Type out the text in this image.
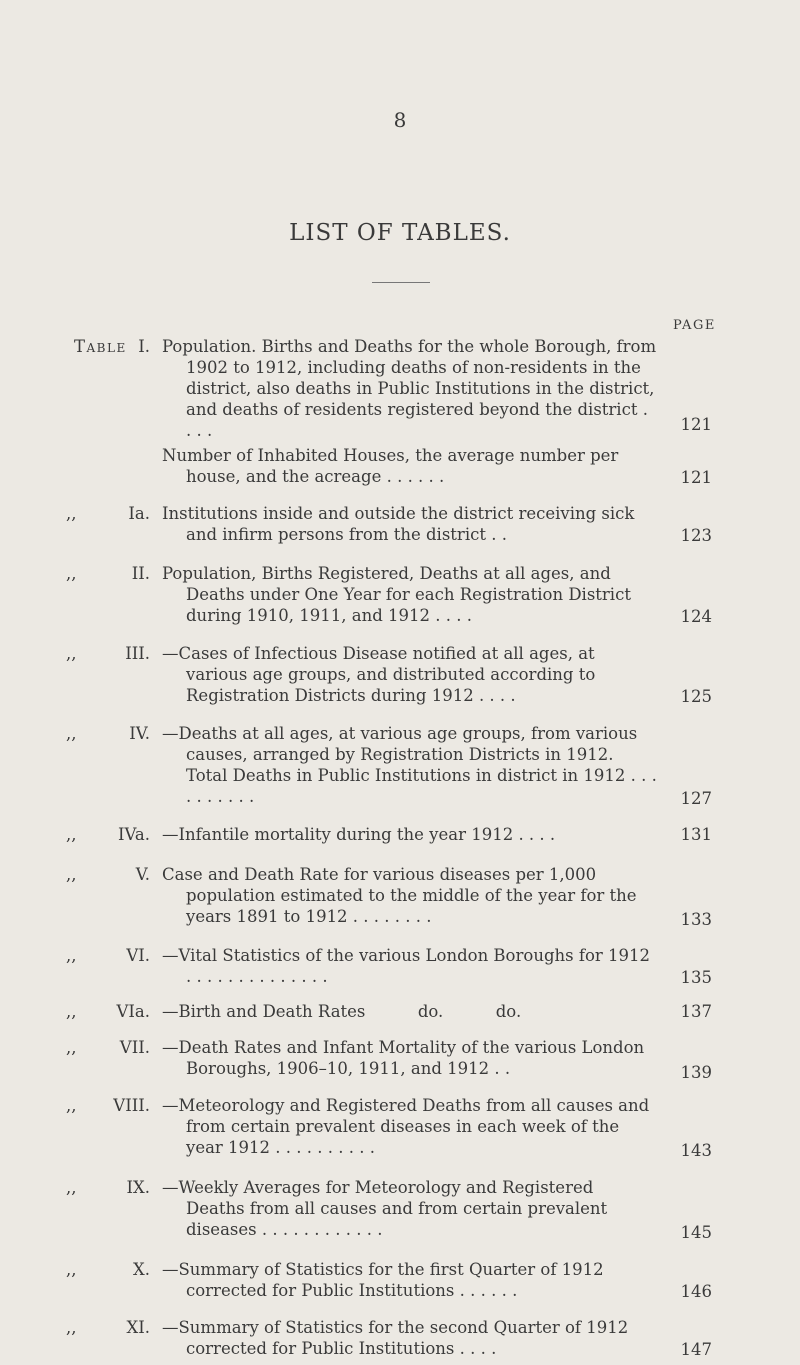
8
LIST OF TABLES.
PAGE
Table I. Population. Births and Deaths for the whole Borough, from 1902 to 1912, including deaths of non-residents in the district, also deaths in Public Institutions in the district, and deaths of residents registered beyond the district . . . .	121

Number of Inhabited Houses, the average number per house, and the acreage . . . . . .	121
,,	Ia. Institutions inside and outside the district receiving sick and infirm persons from the district . .	123
,,	II. Population, Births Registered, Deaths at all ages, and Deaths under One Year for each Registration District during 1910, 1911, and 1912 . . . .	124
,,	III. —Cases of Infectious Disease notified at all ages, at various age groups, and distributed according to Registration Districts during 1912 . . . .	125
,,	IV. —Deaths at all ages, at various age groups, from various causes, arranged by Registration Districts in 1912. Total Deaths in Public Institutions in district in 1912 . . . . . . . . . .	127
,,	IVa. —Infantile mortality during the year 1912 . . . .	131
,,	V. Case and Death Rate for various diseases per 1,000 population estimated to the middle of the year for the years 1891 to 1912 . . . . . . . .	133
,,	VI. —Vital Statistics of the various London Boroughs for 1912 . . . . . . . . . . . . . .	135
,, VIa. —Birth and Death Rates          do.          do.	137
,,	VII. —Death Rates and Infant Mortality of the various London Boroughs, 1906–10, 1911, and 1912 . .	139
,, VIII. —Meteorology and Registered Deaths from all causes and from certain prevalent diseases in each week of the year 1912 . . . . . . . . . .	143
,,	IX. —Weekly Averages for Meteorology and Registered Deaths from all causes and from certain prevalent diseases . . . . . . . . . . . .	145
,,	X. —Summary of Statistics for the first Quarter of 1912 corrected for Public Institutions . . . . . .	146
,,	XI. —Summary of Statistics for the second Quarter of 1912 corrected for Public Institutions . . . .	147
